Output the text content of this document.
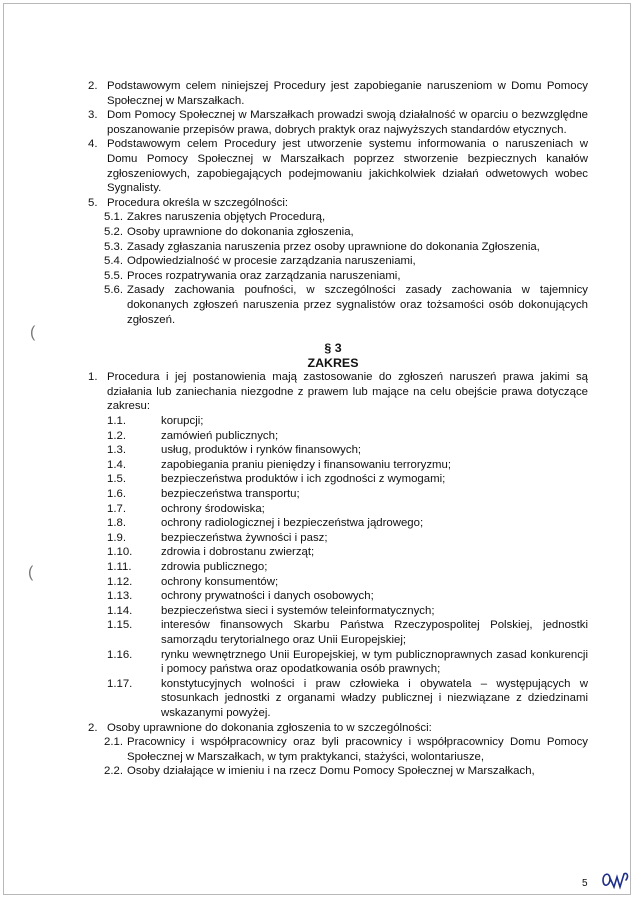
2. Podstawowym celem niniejszej Procedury jest zapobieganie naruszeniom w Domu Pomocy Społecznej w Marszałkach.
3. Dom Pomocy Społecznej w Marszałkach prowadzi swoją działalność w oparciu o bezwzględne poszanowanie przepisów prawa, dobrych praktyk oraz najwyższych standardów etycznych.
4. Podstawowym celem Procedury jest utworzenie systemu informowania o naruszeniach w Domu Pomocy Społecznej w Marszałkach poprzez stworzenie bezpiecznych kanałów zgłoszeniowych, zapobiegających podejmowaniu jakichkolwiek działań odwetowych wobec Sygnalisty.
5. Procedura określa w szczególności:
5.1. Zakres naruszenia objętych Procedurą,
5.2. Osoby uprawnione do dokonania zgłoszenia,
5.3. Zasady zgłaszania naruszenia przez osoby uprawnione do dokonania Zgłoszenia,
5.4. Odpowiedzialność w procesie zarządzania naruszeniami,
5.5. Proces rozpatrywania oraz zarządzania naruszeniami,
5.6. Zasady zachowania poufności, w szczególności zasady zachowania w tajemnicy dokonanych zgłoszeń naruszenia przez sygnalistów oraz tożsamości osób dokonujących zgłoszeń.
§ 3
ZAKRES
1. Procedura i jej postanowienia mają zastosowanie do zgłoszeń naruszeń prawa jakimi są działania lub zaniechania niezgodne z prawem lub mające na celu obejście prawa dotyczące zakresu:
1.1.	korupcji;
1.2.	zamówień publicznych;
1.3.	usług, produktów i rynków finansowych;
1.4.	zapobiegania praniu pieniędzy i finansowaniu terroryzmu;
1.5.	bezpieczeństwa produktów i ich zgodności z wymogami;
1.6.	bezpieczeństwa transportu;
1.7.	ochrony środowiska;
1.8.	ochrony radiologicznej i bezpieczeństwa jądrowego;
1.9.	bezpieczeństwa żywności i pasz;
1.10.	zdrowia i dobrostanu zwierząt;
1.11.	zdrowia publicznego;
1.12.	ochrony konsumentów;
1.13.	ochrony prywatności i danych osobowych;
1.14.	bezpieczeństwa sieci i systemów teleinformatycznych;
1.15.	interesów finansowych Skarbu Państwa Rzeczypospolitej Polskiej, jednostki samorządu terytorialnego oraz Unii Europejskiej;
1.16.	rynku wewnętrznego Unii Europejskiej, w tym publicznoprawnych zasad konkurencji i pomocy państwa oraz opodatkowania osób prawnych;
1.17.	konstytucyjnych wolności i praw człowieka i obywatela – występujących w stosunkach jednostki z organami władzy publicznej i niezwiązane z dziedzinami wskazanymi powyżej.
2. Osoby uprawnione do dokonania zgłoszenia to w szczególności:
2.1. Pracownicy i współpracownicy oraz byli pracownicy i współpracownicy Domu Pomocy Społecznej w Marszałkach, w tym praktykanci, stażyści, wolontariusze,
2.2. Osoby działające w imieniu i na rzecz Domu Pomocy Społecznej w Marszałkach,
(
(
5
